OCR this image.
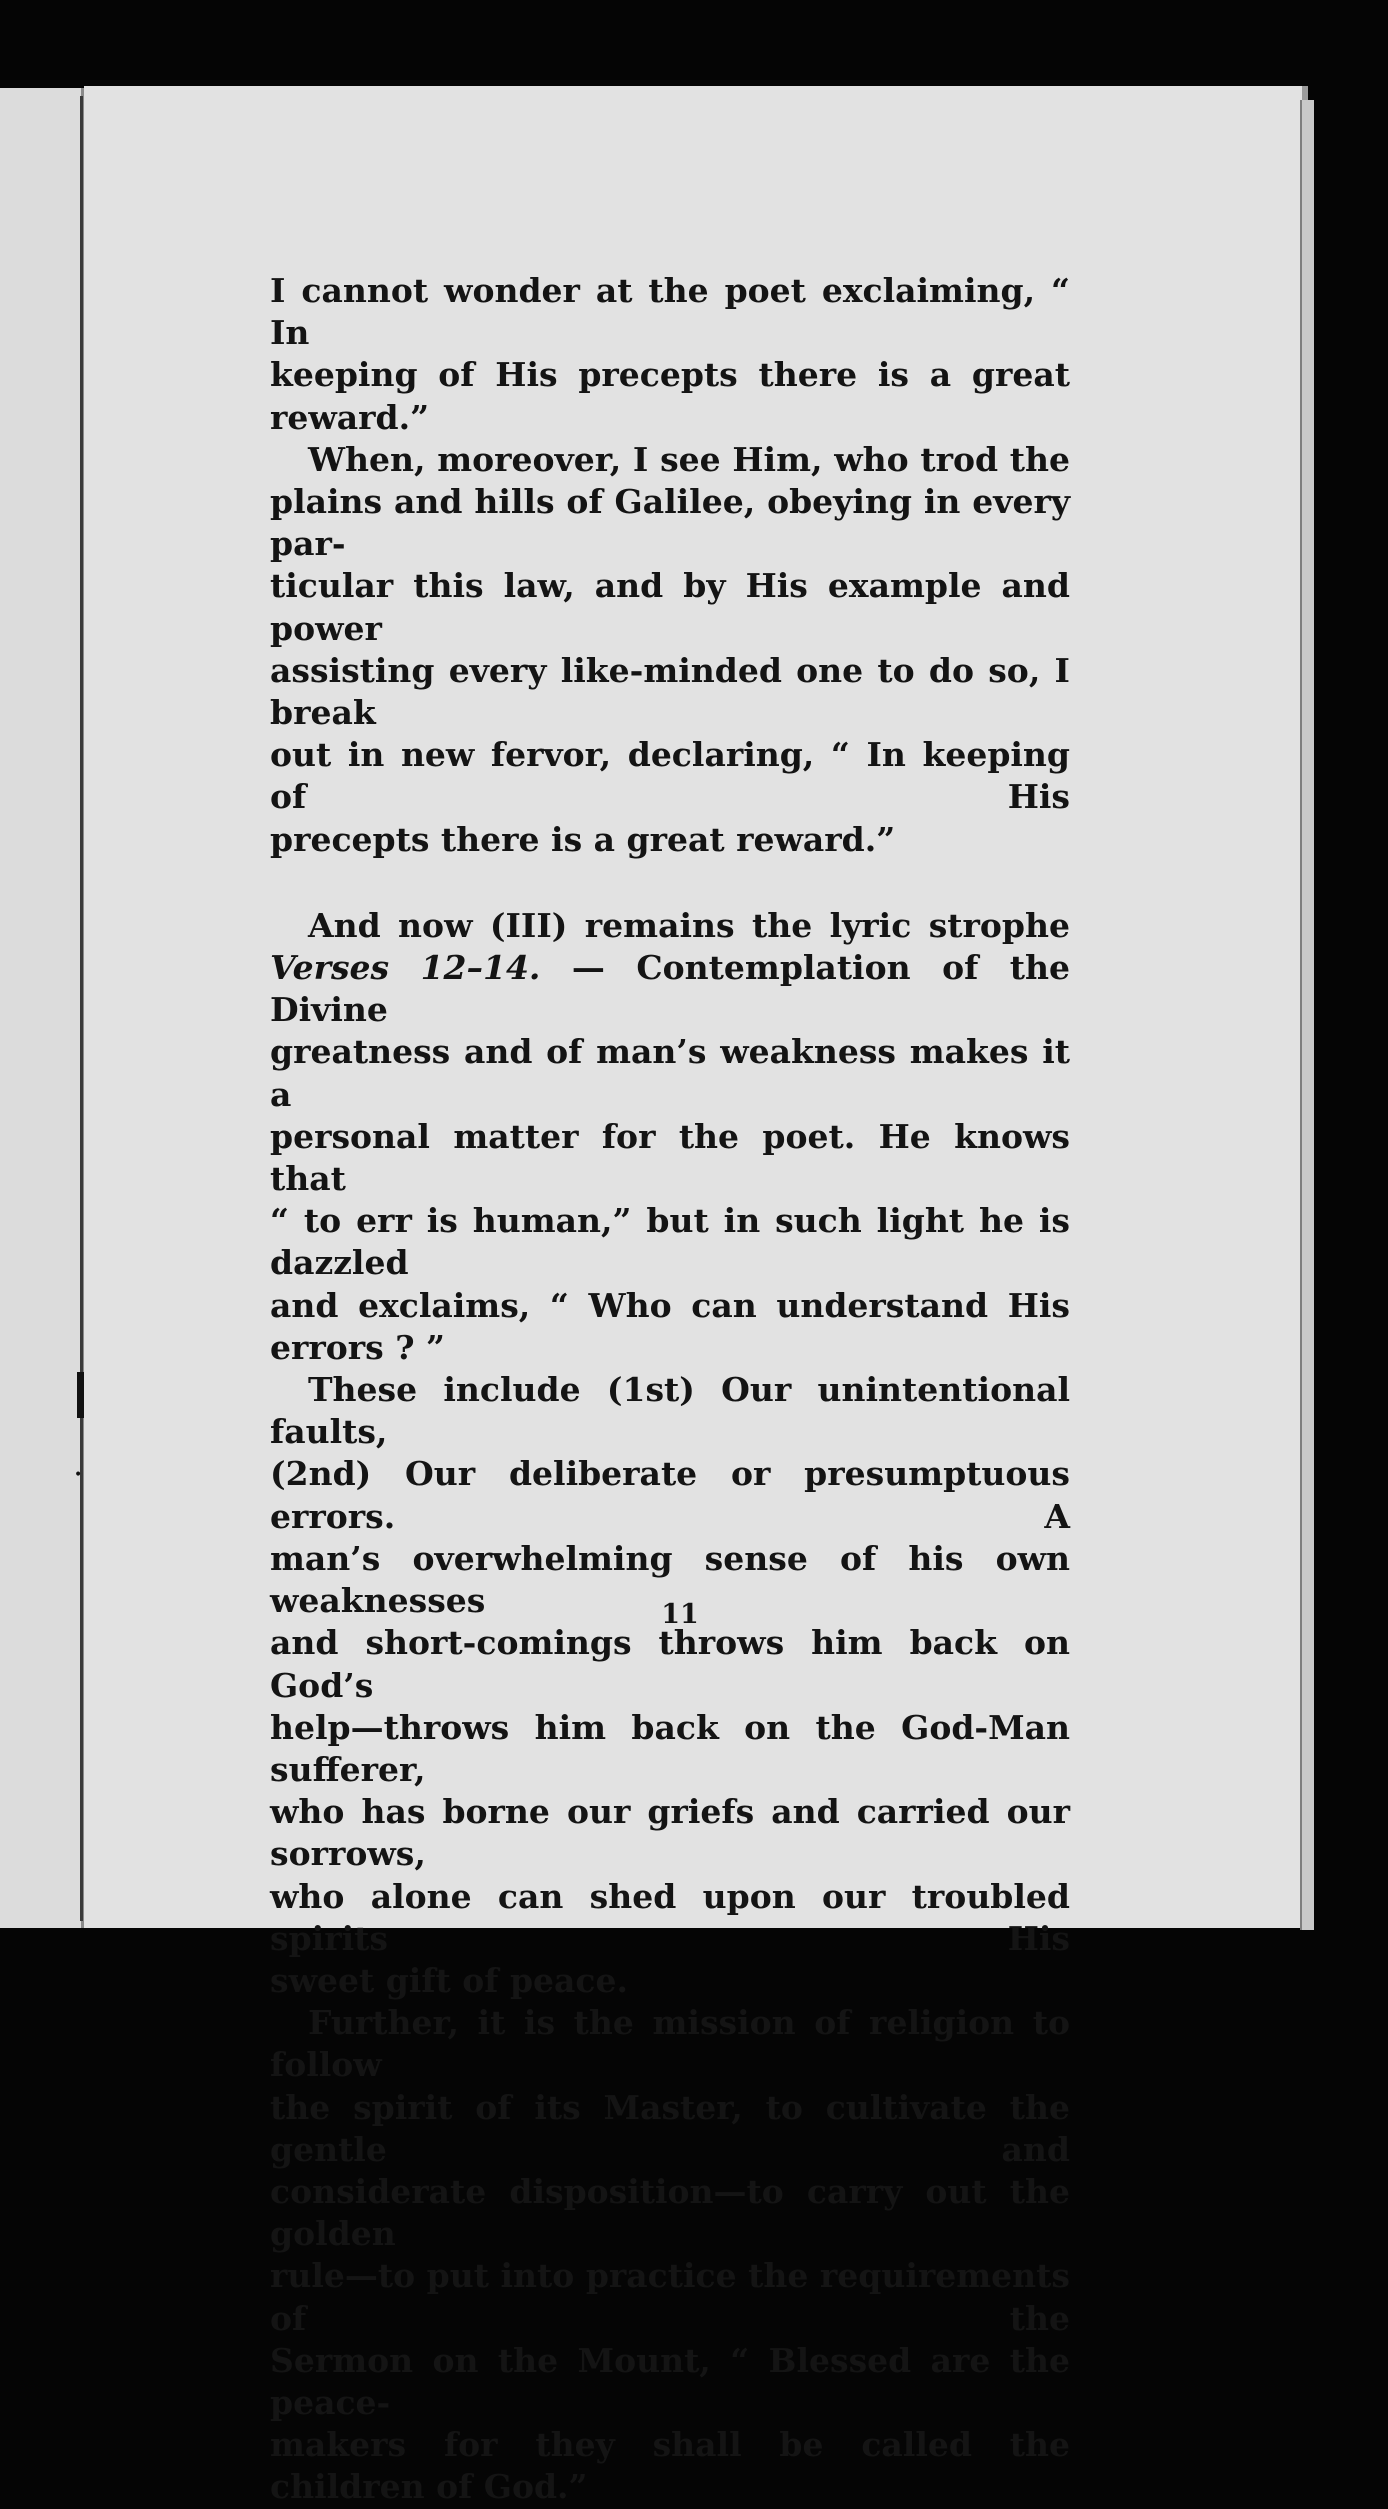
•

I cannot wonder at the poet exclaiming, “ In
keeping of His precepts there is a great
reward.”

When, moreover, I see Him, who trod the
plains and hills of Galilee, obeying in every par-
ticular this law, and by His example and power
assisting every like-minded one to do so, I break
out in new fervor, declaring, “ In keeping of His
precepts there is a great reward.”

And now (III) remains the lyric strophe
Verses 12–14. — Contemplation of the Divine
greatness and of man’s weakness makes it a
personal matter for the poet. He knows that
“ to err is human,” but in such light he is dazzled
and exclaims, “ Who can understand His
errors ? ”

These include (1st) Our unintentional faults,
(2nd) Our deliberate or presumptuous errors. A
man’s overwhelming sense of his own weaknesses
and short-comings throws him back on God’s
help—throws him back on the God-Man sufferer,
who has borne our griefs and carried our sorrows,
who alone can shed upon our troubled spirits His
sweet gift of peace.

Further, it is the mission of religion to follow
the spirit of its Master, to cultivate the gentle and
considerate disposition—to carry out the golden
rule—to put into practice the requirements of the
Sermon on the Mount, “ Blessed are the peace-
makers for they shall be called the children of God.”

11
